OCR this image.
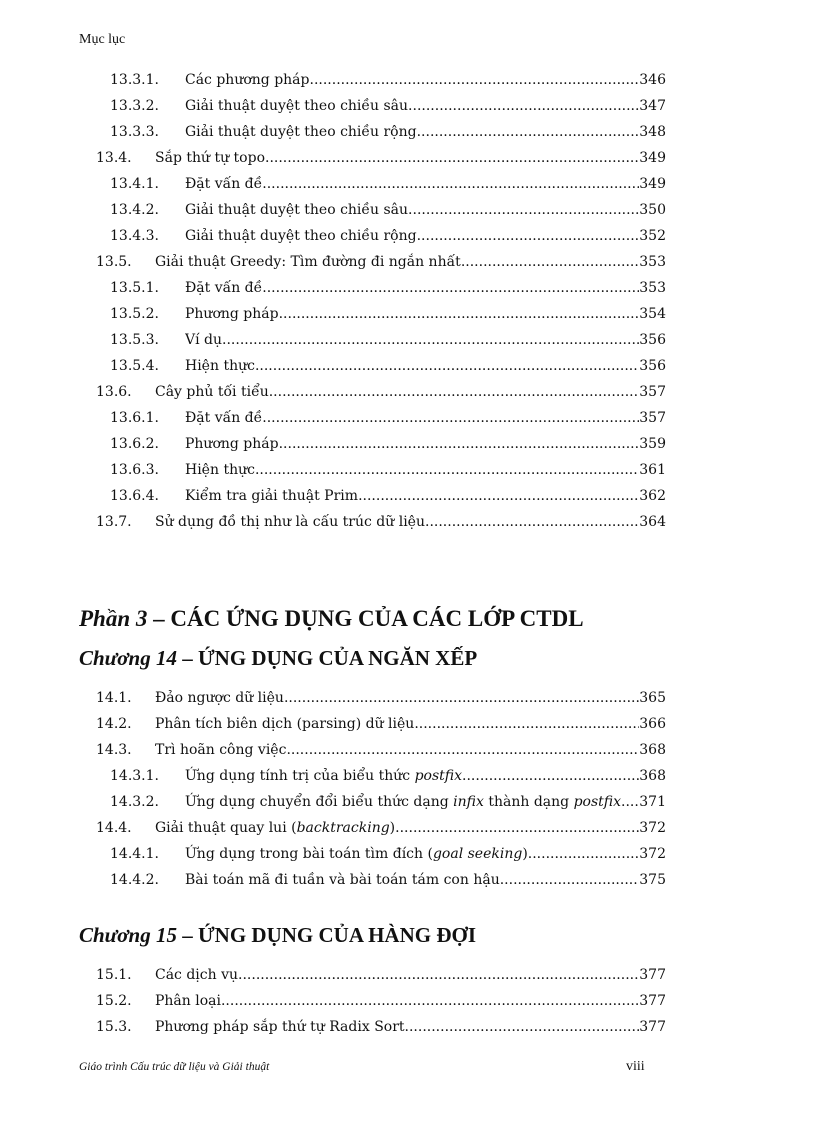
Mục lục
13.3.1. Các phương pháp .....	346
13.3.2. Giải thuật duyệt theo chiều sâu .....	347
13.3.3. Giải thuật duyệt theo chiều rộng .....	348
13.4. Sắp thứ tự topo .....	349
13.4.1. Đặt vấn đề .....	349
13.4.2. Giải thuật duyệt theo chiều sâu .....	350
13.4.3. Giải thuật duyệt theo chiều rộng .....	352
13.5. Giải thuật Greedy: Tìm đường đi ngắn nhất .....	353
13.5.1. Đặt vấn đề .....	353
13.5.2. Phương pháp .....	354
13.5.3. Ví dụ .....	356
13.5.4. Hiện thực .....	356
13.6. Cây phủ tối tiểu .....	357
13.6.1. Đặt vấn đề .....	357
13.6.2. Phương pháp .....	359
13.6.3. Hiện thực .....	361
13.6.4. Kiểm tra giải thuật Prim .....	362
13.7. Sử dụng đồ thị như là cấu trúc dữ liệu .....	364
Phần 3 – CÁC ỨNG DỤNG CỦA CÁC LỚP CTDL
Chương 14 – ỨNG DỤNG CỦA NGĂN XẾP
14.1. Đảo ngược dữ liệu .....	365
14.2. Phân tích biên dịch (parsing) dữ liệu .....	366
14.3. Trì hoãn công việc .....	368
14.3.1. Ứng dụng tính trị của biểu thức postfix .....	368
14.3.2. Ứng dụng chuyển đổi biểu thức dạng infix thành dạng postfix ..... 371
14.4. Giải thuật quay lui (backtracking) .....	372
14.4.1. Ứng dụng trong bài toán tìm đích (goal seeking). .....	372
14.4.2. Bài toán mã đi tuần và bài toán tám con hậu .....	375
Chương 15 – ỨNG DỤNG CỦA HÀNG ĐỢI
15.1. Các dịch vụ .....	377
15.2. Phân loại .....	377
15.3. Phương pháp sắp thứ tự Radix Sort .....	377
Giáo trình Cấu trúc dữ liệu và Giải thuật	viii
